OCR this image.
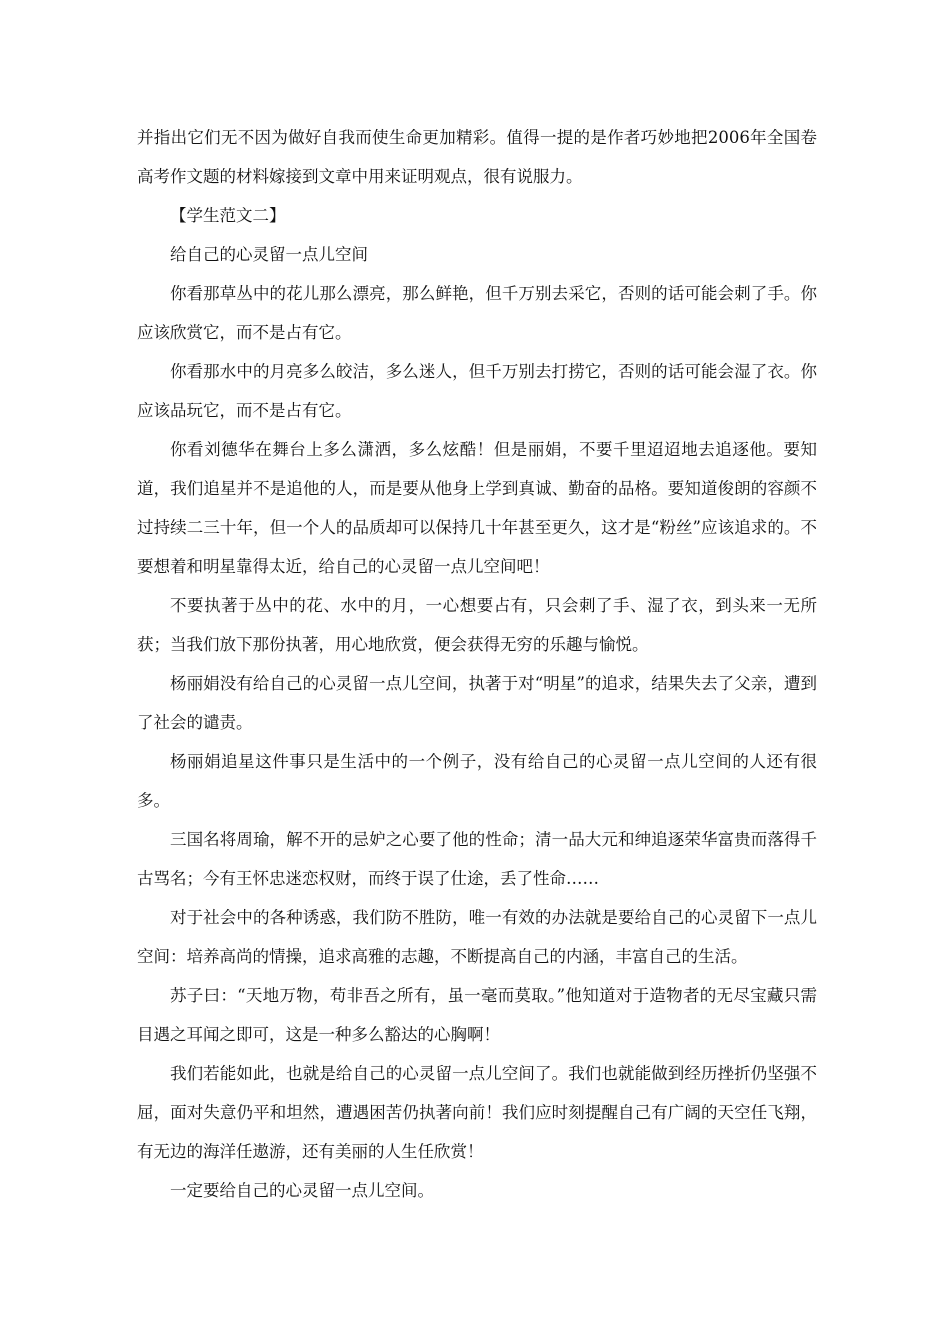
并指出它们无不因为做好自我而使生命更加精彩。值得一提的是作者巧妙地把2006年全国卷高考作文题的材料嫁接到文章中用来证明观点，很有说服力。

【学生范文二】

给自己的心灵留一点儿空间

你看那草丛中的花儿那么漂亮，那么鲜艳，但千万别去采它，否则的话可能会刺了手。你应该欣赏它，而不是占有它。

你看那水中的月亮多么皎洁，多么迷人，但千万别去打捞它，否则的话可能会湿了衣。你应该品玩它，而不是占有它。

你看刘德华在舞台上多么潇洒，多么炫酷！但是丽娟，不要千里迢迢地去追逐他。要知道，我们追星并不是追他的人，而是要从他身上学到真诚、勤奋的品格。要知道俊朗的容颜不过持续二三十年，但一个人的品质却可以保持几十年甚至更久，这才是“粉丝”应该追求的。不要想着和明星靠得太近，给自己的心灵留一点儿空间吧！

不要执著于丛中的花、水中的月，一心想要占有，只会刺了手、湿了衣，到头来一无所获；当我们放下那份执著，用心地欣赏，便会获得无穷的乐趣与愉悦。

杨丽娟没有给自己的心灵留一点儿空间，执著于对“明星”的追求，结果失去了父亲，遭到了社会的谴责。

杨丽娟追星这件事只是生活中的一个例子，没有给自己的心灵留一点儿空间的人还有很多。

三国名将周瑜，解不开的忌妒之心要了他的性命；清一品大元和绅追逐荣华富贵而落得千古骂名；今有王怀忠迷恋权财，而终于误了仕途，丢了性命……

对于社会中的各种诱惑，我们防不胜防，唯一有效的办法就是要给自己的心灵留下一点儿空间：培养高尚的情操，追求高雅的志趣，不断提高自己的内涵，丰富自己的生活。

苏子曰：“天地万物，苟非吾之所有，虽一毫而莫取。”他知道对于造物者的无尽宝藏只需目遇之耳闻之即可，这是一种多么豁达的心胸啊！

我们若能如此，也就是给自己的心灵留一点儿空间了。我们也就能做到经历挫折仍坚强不屈，面对失意仍平和坦然，遭遇困苦仍执著向前！我们应时刻提醒自己有广阔的天空任飞翔，有无边的海洋任遨游，还有美丽的人生任欣赏！

一定要给自己的心灵留一点儿空间。
